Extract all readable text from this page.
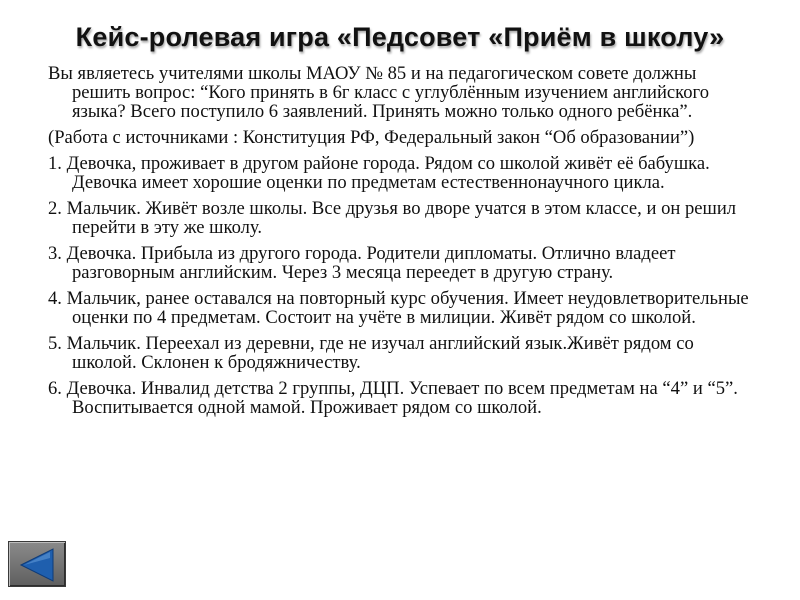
Кейс-ролевая игра «Педсовет «Приём в школу»

Вы являетесь учителями школы МАОУ № 85 и на педагогическом совете должны решить вопрос: “Кого принять в 6г класс с углублённым изучением английского языка? Всего поступило 6 заявлений. Принять можно только одного ребёнка”.

(Работа с источниками : Конституция РФ, Федеральный закон “Об образовании”)

1. Девочка, проживает в другом районе города. Рядом со школой живёт её бабушка. Девочка имеет хорошие оценки по предметам естественнонаучного цикла.

2. Мальчик. Живёт возле школы. Все друзья во дворе учатся в этом классе, и он решил перейти в эту же школу.

3. Девочка. Прибыла из другого города. Родители дипломаты. Отлично владеет разговорным английским. Через 3 месяца переедет в другую страну.

4. Мальчик, ранее оставался на повторный курс обучения. Имеет неудовлетворительные оценки по 4 предметам. Состоит на учёте в милиции. Живёт рядом со школой.

5. Мальчик. Переехал из деревни, где не изучал английский язык.Живёт рядом со школой. Склонен к бродяжничеству.

6. Девочка. Инвалид детства 2 группы, ДЦП. Успевает по всем предметам на “4” и “5”. Воспитывается одной мамой. Проживает рядом со школой.
